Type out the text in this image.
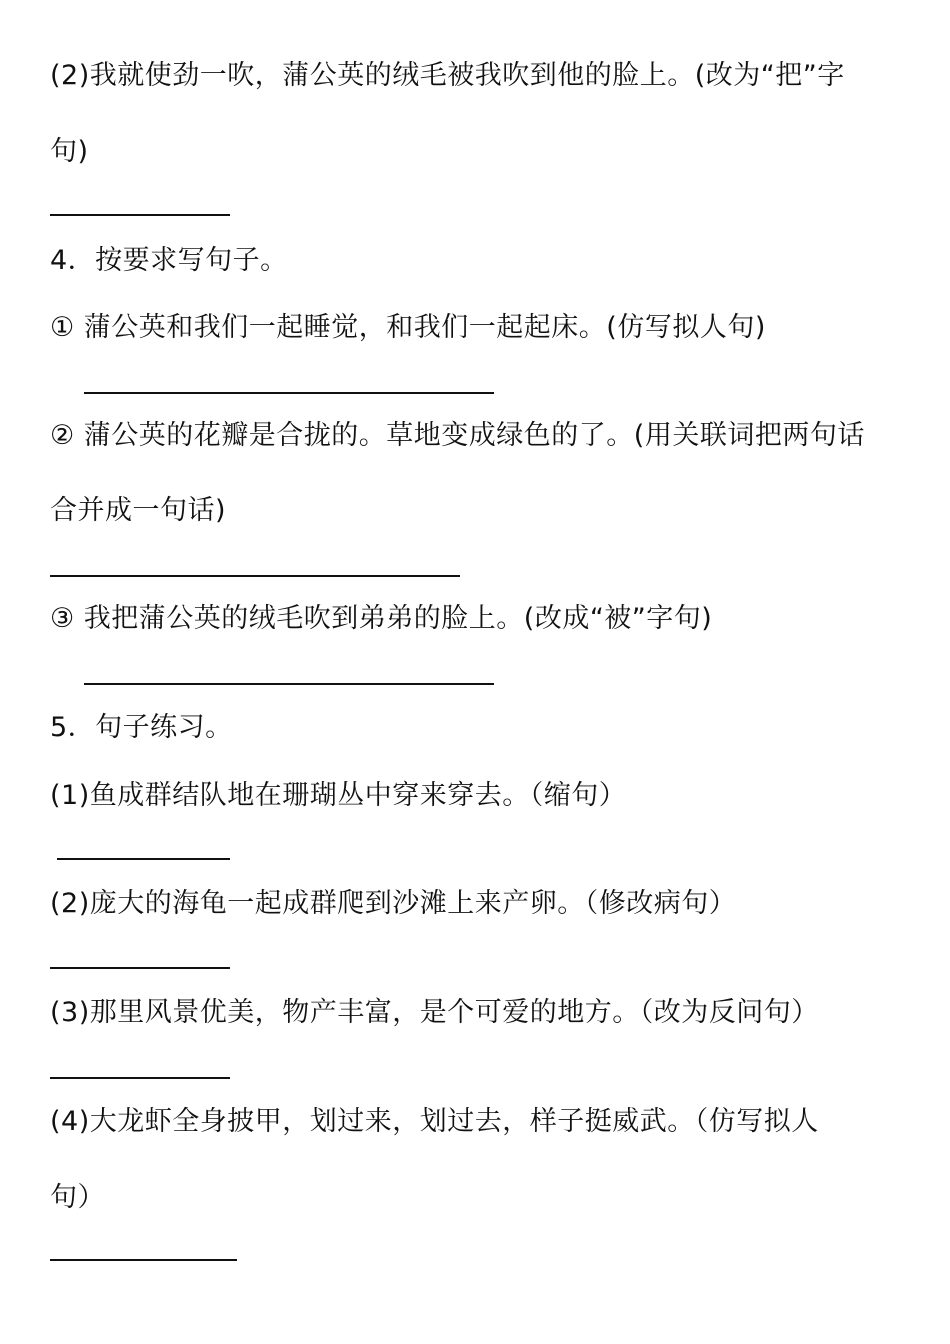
(2)我就使劲一吹，蒲公英的绒毛被我吹到他的脸上。(改为“把”字
句)
4．按要求写句子。
① 蒲公英和我们一起睡觉，和我们一起起床。(仿写拟人句)
② 蒲公英的花瓣是合拢的。草地变成绿色的了。(用关联词把两句话
合并成一句话)
③ 我把蒲公英的绒毛吹到弟弟的脸上。(改成“被”字句)
5．句子练习。
(1)鱼成群结队地在珊瑚丛中穿来穿去。（缩句）
(2)庞大的海龟一起成群爬到沙滩上来产卵。（修改病句）
(3)那里风景优美，物产丰富，是个可爱的地方。（改为反问句）
(4)大龙虾全身披甲，划过来，划过去，样子挺威武。（仿写拟人
句）
